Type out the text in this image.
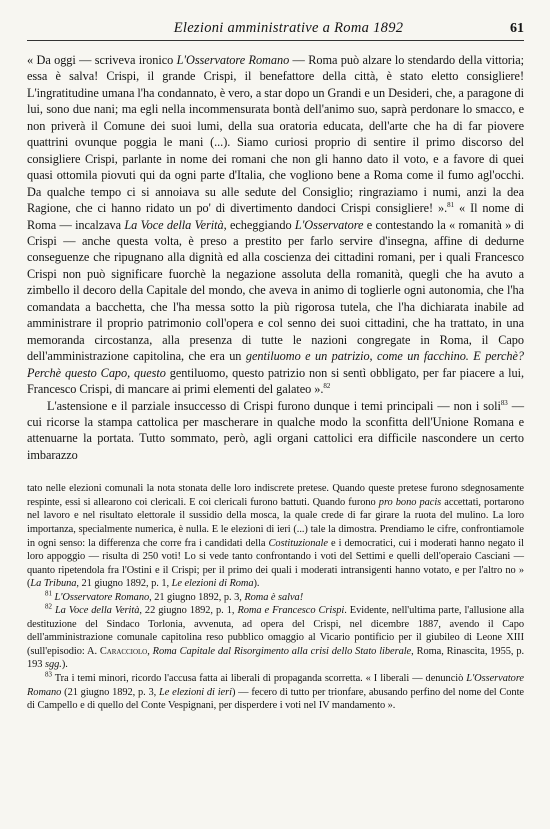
Elezioni amministrative a Roma 1892	61

« Da oggi — scriveva ironico L'Osservatore Romano — Roma può alzare lo stendardo della vittoria; essa è salva! Crispi, il grande Crispi, il benefattore della città, è stato eletto consigliere! L'ingratitudine umana l'ha condannato, è vero, a star dopo un Grandi e un Desideri, che, a paragone di lui, sono due nani; ma egli nella incommensurata bontà dell'animo suo, saprà perdonare lo smacco, e non priverà il Comune dei suoi lumi, della sua oratoria educata, dell'arte che ha di far piovere quattrini ovunque poggia le mani (...). Siamo curiosi proprio di sentire il primo discorso del consigliere Crispi, parlante in nome dei romani che non gli hanno dato il voto, e a favore di quei quasi ottomila piovuti qui da ogni parte d'Italia, che vogliono bene a Roma come il fumo agl'occhi. Da qualche tempo ci si annoiava su alle sedute del Consiglio; ringraziamo i numi, anzi la dea Ragione, che ci hanno ridato un po' di divertimento dandoci Crispi consigliere! ».$^{81}$ « Il nome di Roma — incalzava La Voce della Verità, echeggiando L'Osservatore e contestando la « romanità » di Crispi — anche questa volta, è preso a prestito per farlo servire d'insegna, affine di dedurne conseguenze che ripugnano alla dignità ed alla coscienza dei cittadini romani, per i quali Francesco Crispi non può significare fuorchè la negazione assoluta della romanità, quegli che ha avuto a zimbello il decoro della Capitale del mondo, che aveva in animo di toglierle ogni autonomia, che l'ha comandata a bacchetta, che l'ha messa sotto la più rigorosa tutela, che l'ha dichiarata inabile ad amministrare il proprio patrimonio coll'opera e col senno dei suoi cittadini, che ha trattato, in una memoranda circostanza, alla presenza di tutte le nazioni congregate in Roma, il Capo dell'amministrazione capitolina, che era un gentiluomo e un patrizio, come un facchino. E perchè? Perchè questo Capo, questo gentiluomo, questo patrizio non si sentì obbligato, per far piacere a lui, Francesco Crispi, di mancare ai primi elementi del galateo ».$^{82}$

L'astensione e il parziale insuccesso di Crispi furono dunque i temi principali — non i soli$^{83}$ — cui ricorse la stampa cattolica per mascherare in qualche modo la sconfitta dell'Unione Romana e attenuarne la portata. Tutto sommato, però, agli organi cattolici era difficile nascondere un certo imbarazzo

tato nelle elezioni comunali la nota stonata delle loro indiscrete pretese. Quando queste pretese furono sdegnosamente respinte, essi si allearono coi clericali. E coi clericali furono battuti. Quando furono pro bono pacis accettati, portarono nel lavoro e nel risultato elettorale il sussidio della mosca, la quale crede di far girare la ruota del mulino. La loro importanza, specialmente numerica, è nulla. E le elezioni di ieri (...) tale la dimostra. Prendiamo le cifre, confrontiamole in ogni senso: la differenza che corre fra i candidati della Costituzionale e i democratici, cui i moderati hanno negato il loro appoggio — risulta di 250 voti! Lo si vede tanto confrontando i voti del Settimi e quelli dell'operaio Casciani — quanto ripetendola fra l'Ostini e il Crispi; per il primo dei quali i moderati intransigenti hanno votato, e per l'altro no » (La Tribuna, 21 giugno 1892, p. 1, Le elezioni di Roma).

$^{81}$ L'Osservatore Romano, 21 giugno 1892, p. 3, Roma è salva!

$^{82}$ La Voce della Verità, 22 giugno 1892, p. 1, Roma e Francesco Crispi. Evidente, nell'ultima parte, l'allusione alla destituzione del Sindaco Torlonia, avvenuta, ad opera del Crispi, nel dicembre 1887, avendo il Capo dell'amministrazione comunale capitolina reso pubblico omaggio al Vicario pontificio per il giubileo di Leone XIII (sull'episodio: A. Caracciolo, Roma Capitale dal Risorgimento alla crisi dello Stato liberale, Roma, Rinascita, 1955, p. 193 sgg.).

$^{83}$ Tra i temi minori, ricordo l'accusa fatta ai liberali di propaganda scorretta. « I liberali — denunciò L'Osservatore Romano (21 giugno 1892, p. 3, Le elezioni di ieri) — fecero di tutto per trionfare, abusando perfino del nome del Conte di Campello e di quello del Conte Vespignani, per disperdere i voti nel IV mandamento ».
